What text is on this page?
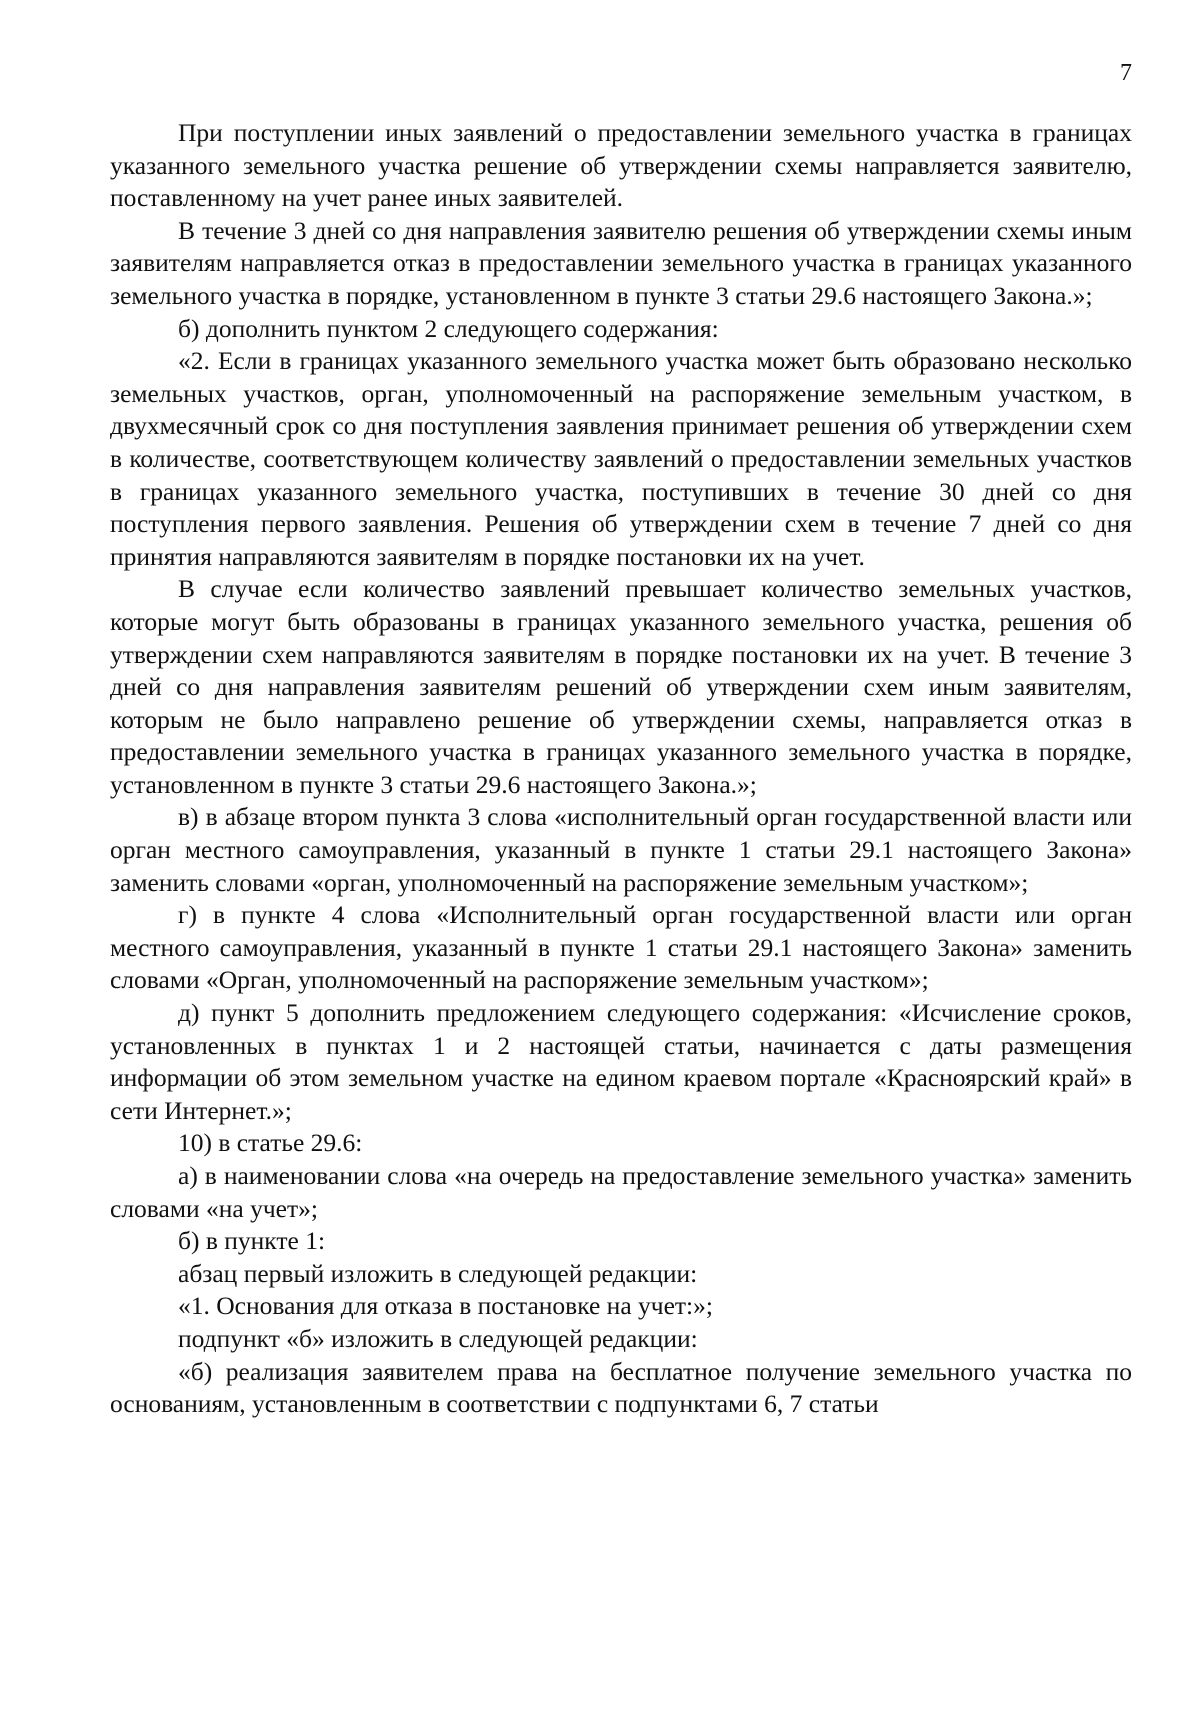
7

При поступлении иных заявлений о предоставлении земельного участка в границах указанного земельного участка решение об утверждении схемы направляется заявителю, поставленному на учет ранее иных заявителей.

В течение 3 дней со дня направления заявителю решения об утверждении схемы иным заявителям направляется отказ в предоставлении земельного участка в границах указанного земельного участка в порядке, установленном в пункте 3 статьи 29.6 настоящего Закона.»;

б) дополнить пунктом 2 следующего содержания:

«2. Если в границах указанного земельного участка может быть образовано несколько земельных участков, орган, уполномоченный на распоряжение земельным участком, в двухмесячный срок со дня поступления заявления принимает решения об утверждении схем в количестве, соответствующем количеству заявлений о предоставлении земельных участков в границах указанного земельного участка, поступивших в течение 30 дней со дня поступления первого заявления. Решения об утверждении схем в течение 7 дней со дня принятия направляются заявителям в порядке постановки их на учет.

В случае если количество заявлений превышает количество земельных участков, которые могут быть образованы в границах указанного земельного участка, решения об утверждении схем направляются заявителям в порядке постановки их на учет. В течение 3 дней со дня направления заявителям решений об утверждении схем иным заявителям, которым не было направлено решение об утверждении схемы, направляется отказ в предоставлении земельного участка в границах указанного земельного участка в порядке, установленном в пункте 3 статьи 29.6 настоящего Закона.»;

в) в абзаце втором пункта 3 слова «исполнительный орган государственной власти или орган местного самоуправления, указанный в пункте 1 статьи 29.1 настоящего Закона» заменить словами «орган, уполномоченный на распоряжение земельным участком»;

г) в пункте 4 слова «Исполнительный орган государственной власти или орган местного самоуправления, указанный в пункте 1 статьи 29.1 настоящего Закона» заменить словами «Орган, уполномоченный на распоряжение земельным участком»;

д) пункт 5 дополнить предложением следующего содержания: «Исчисление сроков, установленных в пунктах 1 и 2 настоящей статьи, начинается с даты размещения информации об этом земельном участке на едином краевом портале «Красноярский край» в сети Интернет.»;

10) в статье 29.6:

а) в наименовании слова «на очередь на предоставление земельного участка» заменить словами «на учет»;

б) в пункте 1:

абзац первый изложить в следующей редакции:

«1. Основания для отказа в постановке на учет:»;

подпункт «б» изложить в следующей редакции:

«б) реализация заявителем права на бесплатное получение земельного участка по основаниям, установленным в соответствии с подпунктами 6, 7 статьи
